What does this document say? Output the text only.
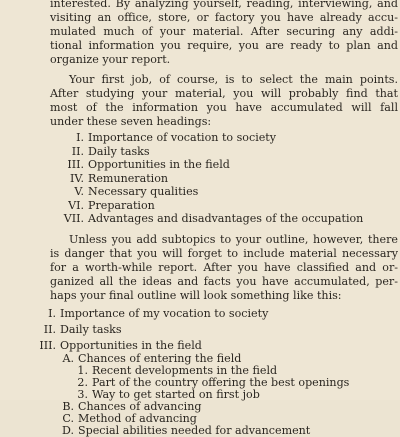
interested. By analyzing yourself, reading, interviewing, and

visiting an office, store, or factory you have already accu-

mulated much of your material. After securing any addi-

tional information you require, you are ready to plan and

organize your report.

Your first job, of course, is to select the main points.

After studying your material, you will probably find that

most of the information you have accumulated will fall

under these seven headings:

I. Importance of vocation to society

II. Daily tasks

III. Opportunities in the field

IV. Remuneration

V. Necessary qualities

VI. Preparation

VII. Advantages and disadvantages of the occupation

Unless you add subtopics to your outline, however, there

is danger that you will forget to include material necessary

for a worth-while report. After you have classified and or-

ganized all the ideas and facts you have accumulated, per-

haps your final outline will look something like this:

I. Importance of my vocation to society

II. Daily tasks

III. Opportunities in the field

A. Chances of entering the field

1. Recent developments in the field

2. Part of the country offering the best openings

3. Way to get started on first job

B. Chances of advancing

C. Method of advancing

D. Special abilities needed for advancement
